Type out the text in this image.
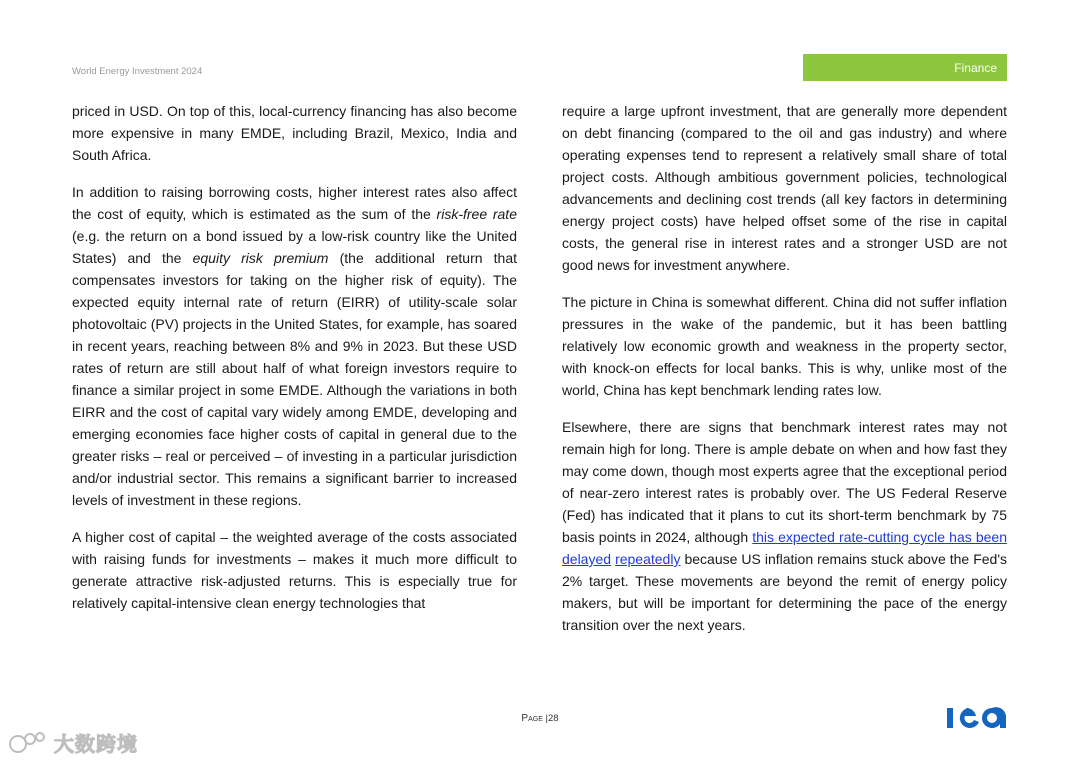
World Energy Investment 2024	Finance

priced in USD. On top of this, local-currency financing has also become more expensive in many EMDE, including Brazil, Mexico, India and South Africa.

In addition to raising borrowing costs, higher interest rates also affect the cost of equity, which is estimated as the sum of the risk-free rate (e.g. the return on a bond issued by a low-risk country like the United States) and the equity risk premium (the additional return that compensates investors for taking on the higher risk of equity). The expected equity internal rate of return (EIRR) of utility-scale solar photovoltaic (PV) projects in the United States, for example, has soared in recent years, reaching between 8% and 9% in 2023. But these USD rates of return are still about half of what foreign investors require to finance a similar project in some EMDE. Although the variations in both EIRR and the cost of capital vary widely among EMDE, developing and emerging economies face higher costs of capital in general due to the greater risks – real or perceived – of investing in a particular jurisdiction and/or industrial sector. This remains a significant barrier to increased levels of investment in these regions.

A higher cost of capital – the weighted average of the costs associated with raising funds for investments – makes it much more difficult to generate attractive risk-adjusted returns. This is especially true for relatively capital-intensive clean energy technologies that

require a large upfront investment, that are generally more dependent on debt financing (compared to the oil and gas industry) and where operating expenses tend to represent a relatively small share of total project costs. Although ambitious government policies, technological advancements and declining cost trends (all key factors in determining energy project costs) have helped offset some of the rise in capital costs, the general rise in interest rates and a stronger USD are not good news for investment anywhere.

The picture in China is somewhat different. China did not suffer inflation pressures in the wake of the pandemic, but it has been battling relatively low economic growth and weakness in the property sector, with knock-on effects for local banks. This is why, unlike most of the world, China has kept benchmark lending rates low.

Elsewhere, there are signs that benchmark interest rates may not remain high for long. There is ample debate on when and how fast they may come down, though most experts agree that the exceptional period of near-zero interest rates is probably over. The US Federal Reserve (Fed) has indicated that it plans to cut its short-term benchmark by 75 basis points in 2024, although this expected rate-cutting cycle has been delayed repeatedly because US inflation remains stuck above the Fed's 2% target. These movements are beyond the remit of energy policy makers, but will be important for determining the pace of the energy transition over the next years.

Page |28
大数跨境
